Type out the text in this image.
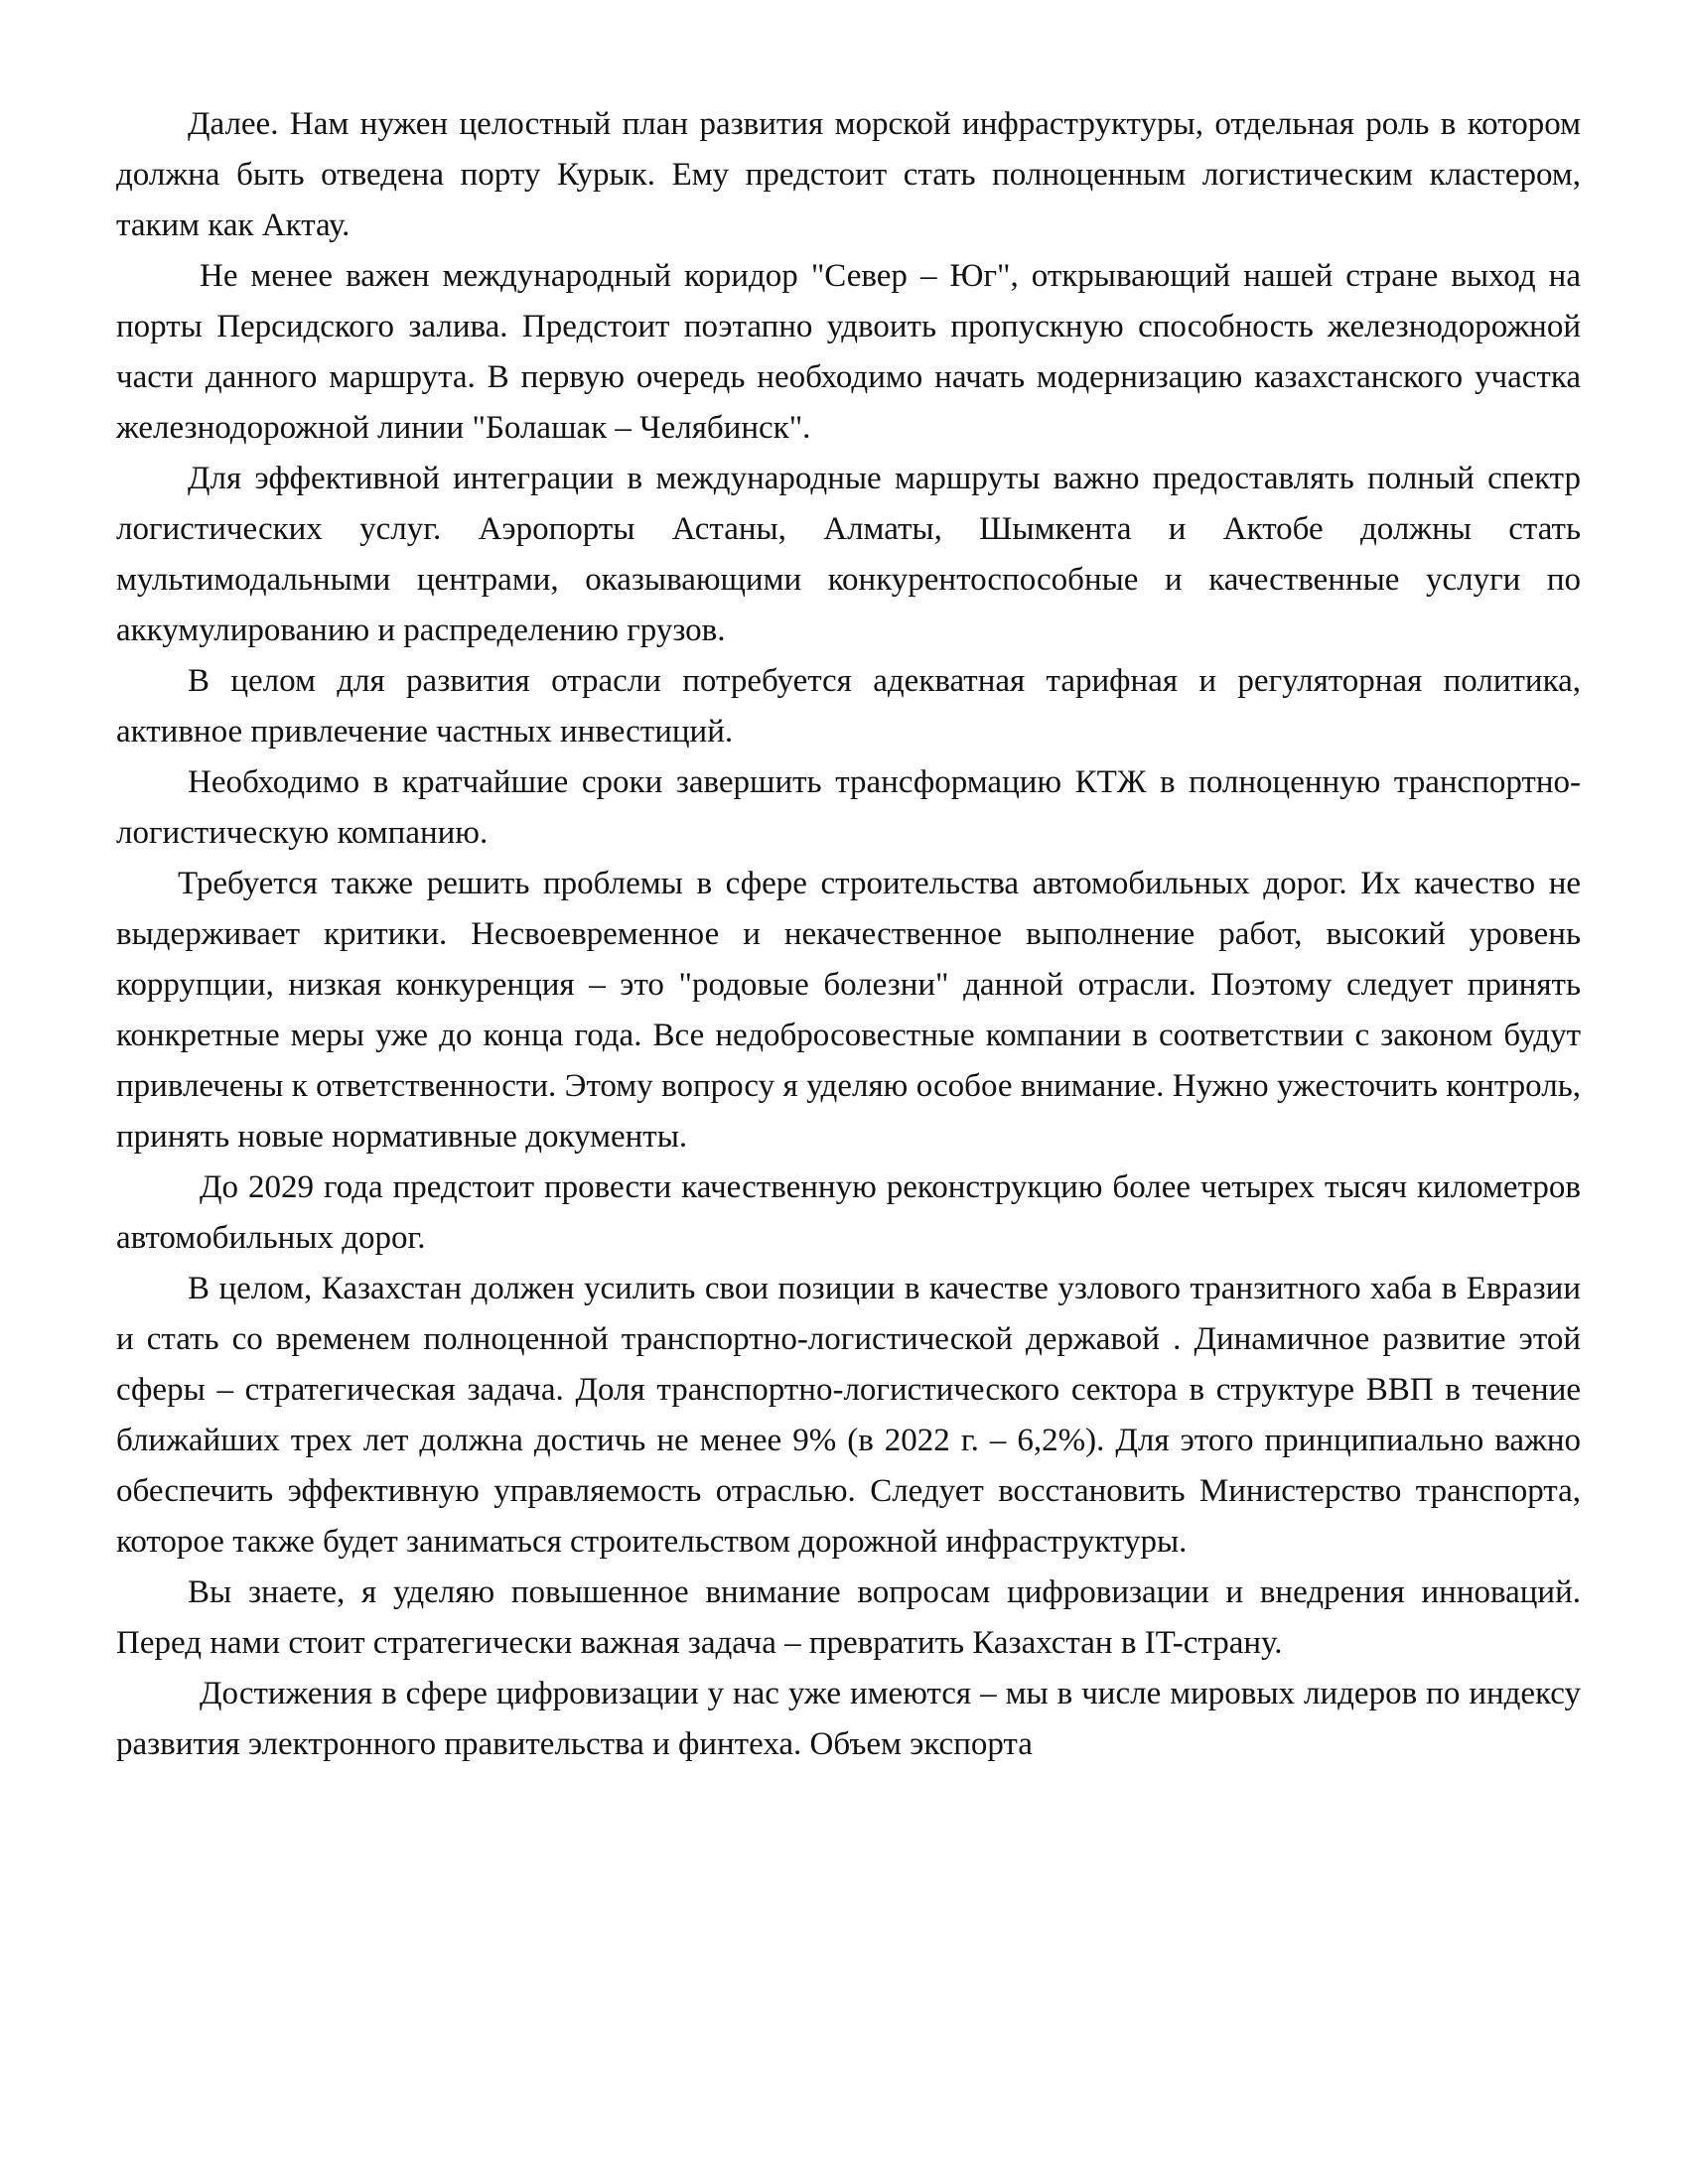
Далее. Нам нужен целостный план развития морской инфраструктуры, отдельная роль в котором должна быть отведена порту Курык. Ему предстоит стать полноценным логистическим кластером, таким как Актау.

Не менее важен международный коридор "Север – Юг", открывающий нашей стране выход на порты Персидского залива. Предстоит поэтапно удвоить пропускную способность железнодорожной части данного маршрута. В первую очередь необходимо начать модернизацию казахстанского участка железнодорожной линии "Болашак – Челябинск".

Для эффективной интеграции в международные маршруты важно предоставлять полный спектр логистических услуг. Аэропорты Астаны, Алматы, Шымкента и Актобе должны стать мультимодальными центрами, оказывающими конкурентоспособные и качественные услуги по аккумулированию и распределению грузов.

В целом для развития отрасли потребуется адекватная тарифная и регуляторная политика, активное привлечение частных инвестиций.

Необходимо в кратчайшие сроки завершить трансформацию КТЖ в полноценную транспортно-логистическую компанию.

Требуется также решить проблемы в сфере строительства автомобильных дорог. Их качество не выдерживает критики. Несвоевременное и некачественное выполнение работ, высокий уровень коррупции, низкая конкуренция – это "родовые болезни" данной отрасли. Поэтому следует принять конкретные меры уже до конца года. Все недобросовестные компании в соответствии с законом будут привлечены к ответственности. Этому вопросу я уделяю особое внимание. Нужно ужесточить контроль, принять новые нормативные документы.

До 2029 года предстоит провести качественную реконструкцию более четырех тысяч километров автомобильных дорог.

В целом, Казахстан должен усилить свои позиции в качестве узлового транзитного хаба в Евразии и стать со временем полноценной транспортно-логистической державой . Динамичное развитие этой сферы – стратегическая задача. Доля транспортно-логистического сектора в структуре ВВП в течение ближайших трех лет должна достичь не менее 9% (в 2022 г. – 6,2%). Для этого принципиально важно обеспечить эффективную управляемость отраслью. Следует восстановить Министерство транспорта, которое также будет заниматься строительством дорожной инфраструктуры.

Вы знаете, я уделяю повышенное внимание вопросам цифровизации и внедрения инноваций. Перед нами стоит стратегически важная задача – превратить Казахстан в IT-страну.

Достижения в сфере цифровизации у нас уже имеются – мы в числе мировых лидеров по индексу развития электронного правительства и финтеха. Объем экспорта
